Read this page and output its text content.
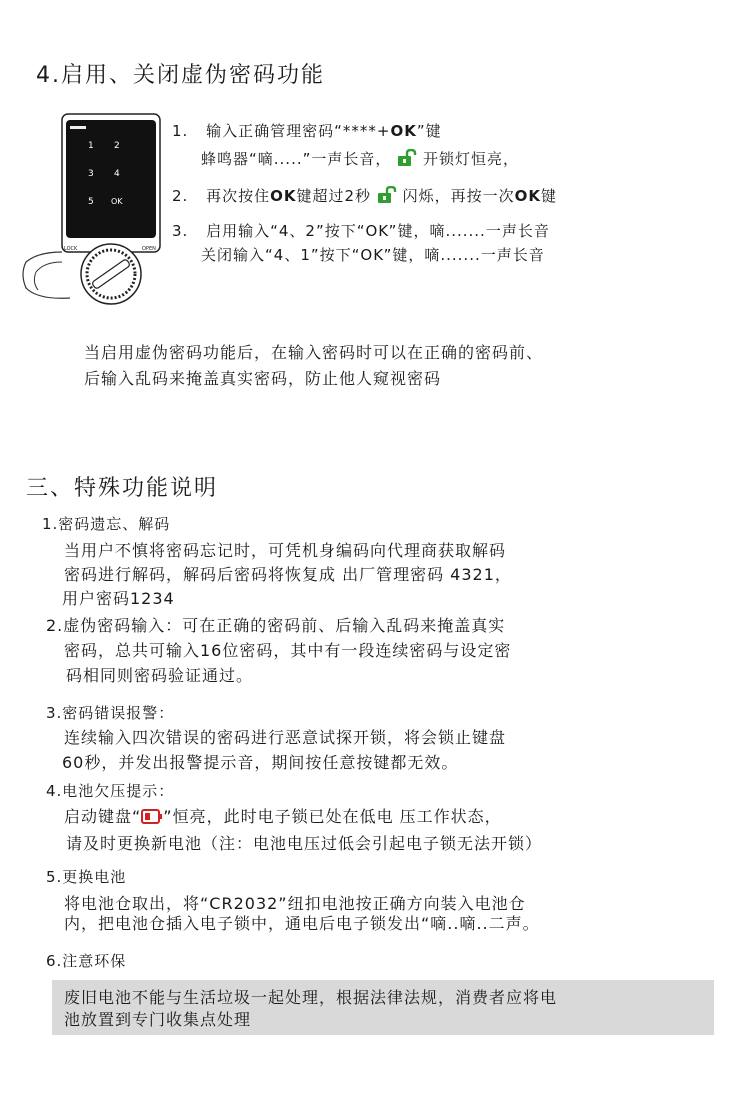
4.启用、关闭虚伪密码功能
1 2
3 4
5 OK
LOCK	OPEN
1. 输入正确管理密码“****+OK”键
蜂鸣器“嘀.....”一声长音， 开锁灯恒亮，
2. 再次按住OK键超过2秒 闪烁，再按一次OK键
3. 启用输入“4、2”按下“OK”键，嘀.......一声长音
关闭输入“4、1”按下“OK”键，嘀.......一声长音
当启用虚伪密码功能后，在输入密码时可以在正确的密码前、
后输入乱码来掩盖真实密码，防止他人窥视密码
三、特殊功能说明
1.密码遗忘、解码
当用户不慎将密码忘记时，可凭机身编码向代理商获取解码
密码进行解码，解码后密码将恢复成 出厂管理密码 4321，
用户密码1234
2.虚伪密码输入：可在正确的密码前、后输入乱码来掩盖真实
密码，总共可输入16位密码，其中有一段连续密码与设定密
码相同则密码验证通过。
3.密码错误报警：
连续输入四次错误的密码进行恶意试探开锁，将会锁止键盘
60秒，并发出报警提示音，期间按任意按键都无效。
4.电池欠压提示：
启动键盘“ ”恒亮，此时电子锁已处在低电 压工作状态，
请及时更换新电池（注：电池电压过低会引起电子锁无法开锁）
5.更换电池
将电池仓取出，将“CR2032”纽扣电池按正确方向装入电池仓
内，把电池仓插入电子锁中，通电后电子锁发出“嘀..嘀..二声。
6.注意环保
废旧电池不能与生活垃圾一起处理，根据法律法规，消费者应将电
池放置到专门收集点处理
